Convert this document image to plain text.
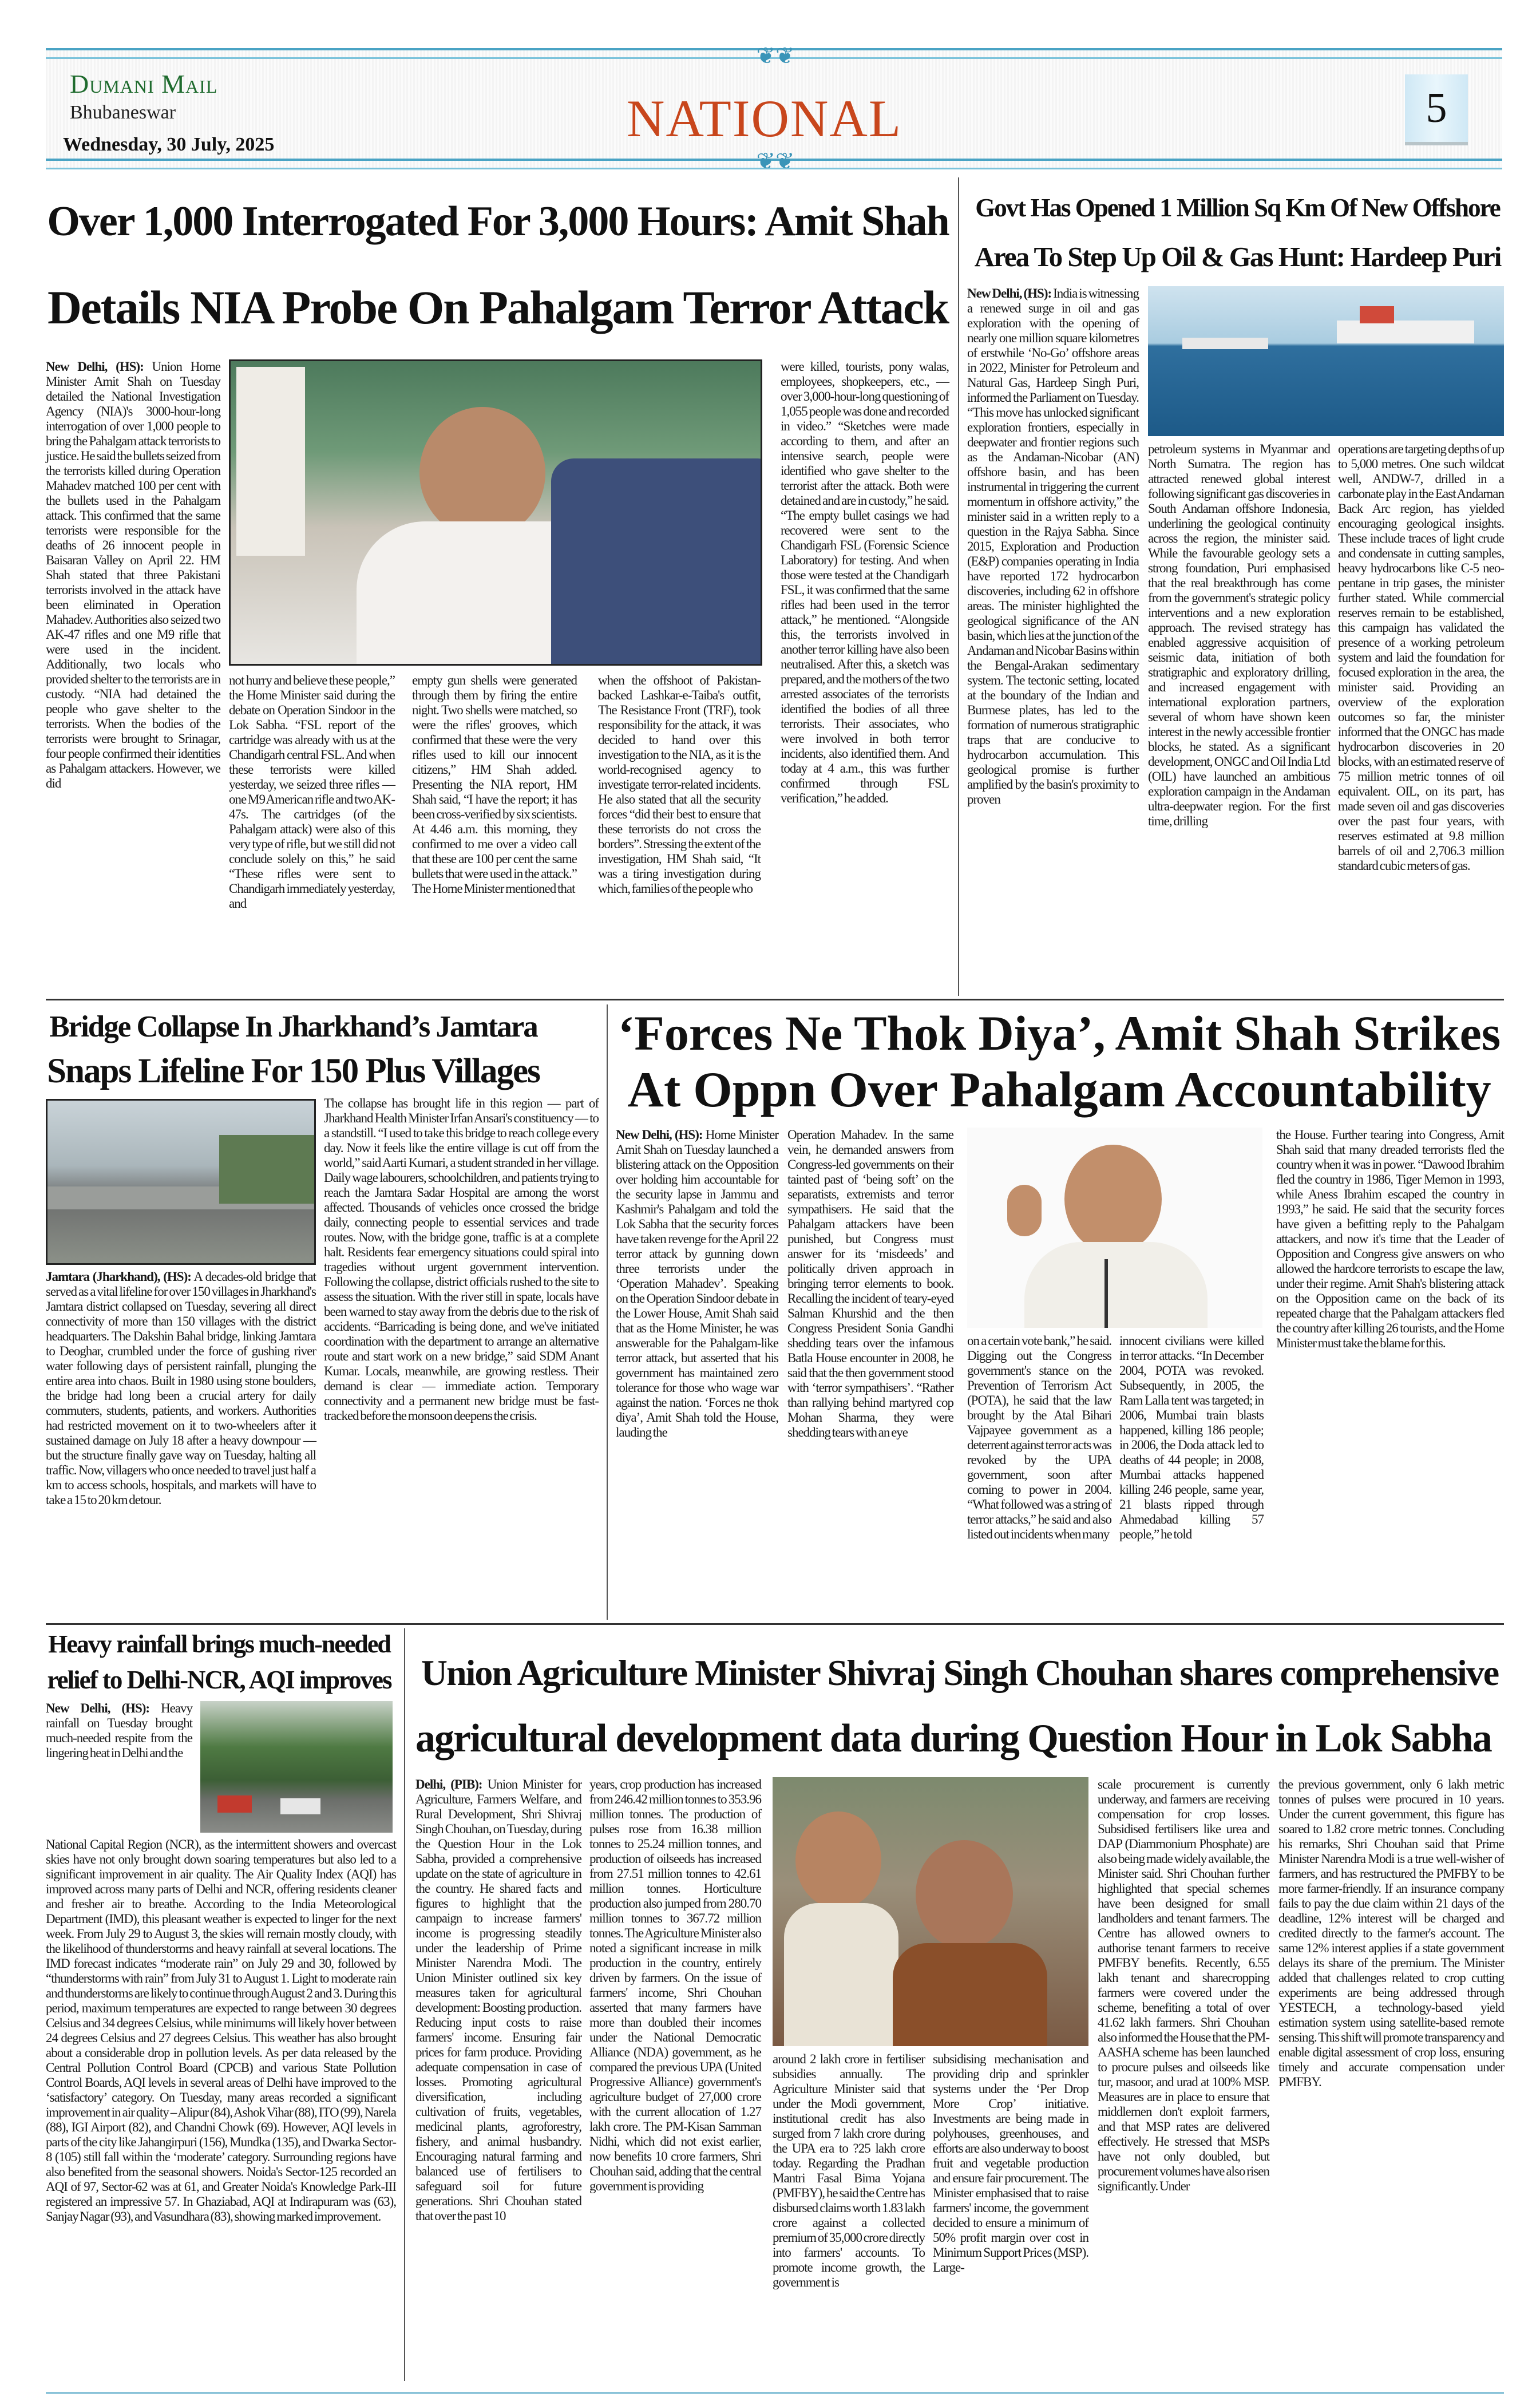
❦❦
Dumani Mail
Bhubaneswar
Wednesday, 30 July, 2025	NATIONAL	5
❦❦
Over 1,000 Interrogated For 3,000 Hours: Amit Shah
Details NIA Probe On Pahalgam Terror Attack
New Delhi, (HS): Union Home Minister Amit Shah on Tuesday detailed the National Investigation Agency (NIA)'s 3000-hour-long interrogation of over 1,000 people to bring the Pahalgam attack terrorists to justice. He said the bullets seized from the terrorists killed during Operation Mahadev matched 100 per cent with the bullets used in the Pahalgam attack. This confirmed that the same terrorists were responsible for the deaths of 26 innocent people in Baisaran Valley on April 22. HM Shah stated that three Pakistani terrorists involved in the attack have been eliminated in Operation Mahadev. Authorities also seized two AK-47 rifles and one M9 rifle that were used in the incident. Additionally, two locals who provided shelter to the terrorists are in custody. “NIA had detained the people who gave shelter to the terrorists. When the bodies of the terrorists were brought to Srinagar, four people confirmed their identities as Pahalgam attackers. However, we did
not hurry and believe these people,” the Home Minister said during the debate on Operation Sindoor in the Lok Sabha. “FSL report of the cartridge was already with us at the Chandigarh central FSL. And when these terrorists were killed yesterday, we seized three rifles — one M9 American rifle and two AK-47s. The cartridges (of the Pahalgam attack) were also of this very type of rifle, but we still did not conclude solely on this,” he said “These rifles were sent to Chandigarh immediately yesterday, and
empty gun shells were generated through them by firing the entire night. Two shells were matched, so were the rifles' grooves, which confirmed that these were the very rifles used to kill our innocent citizens,” HM Shah added. Presenting the NIA report, HM Shah said, “I have the report; it has been cross-verified by six scientists. At 4.46 a.m. this morning, they confirmed to me over a video call that these are 100 per cent the same bullets that were used in the attack.” The Home Minister mentioned that
when the offshoot of Pakistan-backed Lashkar-e-Taiba's outfit, The Resistance Front (TRF), took responsibility for the attack, it was decided to hand over this investigation to the NIA, as it is the world-recognised agency to investigate terror-related incidents. He also stated that all the security forces “did their best to ensure that these terrorists do not cross the borders”. Stressing the extent of the investigation, HM Shah said, “It was a tiring investigation during which, families of the people who
were killed, tourists, pony walas, employees, shopkeepers, etc., — over 3,000-hour-long questioning of 1,055 people was done and recorded in video.” “Sketches were made according to them, and after an intensive search, people were identified who gave shelter to the terrorist after the attack. Both were detained and are in custody,” he said. “The empty bullet casings we had recovered were sent to the Chandigarh FSL (Forensic Science Laboratory) for testing. And when those were tested at the Chandigarh FSL, it was confirmed that the same rifles had been used in the terror attack,” he mentioned. “Alongside this, the terrorists involved in another terror killing have also been neutralised. After this, a sketch was prepared, and the mothers of the two arrested associates of the terrorists identified the bodies of all three terrorists. Their associates, who were involved in both terror incidents, also identified them. And today at 4 a.m., this was further confirmed through FSL verification,” he added.
Govt Has Opened 1 Million Sq Km Of New Offshore
Area To Step Up Oil & Gas Hunt: Hardeep Puri
New Delhi, (HS): India is witnessing a renewed surge in oil and gas exploration with the opening of nearly one million square kilometres of erstwhile ‘No-Go’ offshore areas in 2022, Minister for Petroleum and Natural Gas, Hardeep Singh Puri, informed the Parliament on Tuesday. “This move has unlocked significant exploration frontiers, especially in deepwater and frontier regions such as the Andaman-Nicobar (AN) offshore basin, and has been instrumental in triggering the current momentum in offshore activity,” the minister said in a written reply to a question in the Rajya Sabha. Since 2015, Exploration and Production (E&P) companies operating in India have reported 172 hydrocarbon discoveries, including 62 in offshore areas. The minister highlighted the geological significance of the AN basin, which lies at the junction of the Andaman and Nicobar Basins within the Bengal-Arakan sedimentary system. The tectonic setting, located at the boundary of the Indian and Burmese plates, has led to the formation of numerous stratigraphic traps that are conducive to hydrocarbon accumulation. This geological promise is further amplified by the basin's proximity to proven
petroleum systems in Myanmar and North Sumatra. The region has attracted renewed global interest following significant gas discoveries in South Andaman offshore Indonesia, underlining the geological continuity across the region, the minister said. While the favourable geology sets a strong foundation, Puri emphasised that the real breakthrough has come from the government's strategic policy interventions and a new exploration approach. The revised strategy has enabled aggressive acquisition of seismic data, initiation of both stratigraphic and exploratory drilling, and increased engagement with international exploration partners, several of whom have shown keen interest in the newly accessible frontier blocks, he stated. As a significant development, ONGC and Oil India Ltd (OIL) have launched an ambitious exploration campaign in the Andaman ultra-deepwater region. For the first time, drilling
operations are targeting depths of up to 5,000 metres. One such wildcat well, ANDW-7, drilled in a carbonate play in the East Andaman Back Arc region, has yielded encouraging geological insights. These include traces of light crude and condensate in cutting samples, heavy hydrocarbons like C-5 neo-pentane in trip gases, the minister further stated. While commercial reserves remain to be established, this campaign has validated the presence of a working petroleum system and laid the foundation for focused exploration in the area, the minister said. Providing an overview of the exploration outcomes so far, the minister informed that the ONGC has made hydrocarbon discoveries in 20 blocks, with an estimated reserve of 75 million metric tonnes of oil equivalent. OIL, on its part, has made seven oil and gas discoveries over the past four years, with reserves estimated at 9.8 million barrels of oil and 2,706.3 million standard cubic meters of gas.
Bridge Collapse In Jharkhand’s Jamtara
Snaps Lifeline For 150 Plus Villages
Jamtara (Jharkhand), (HS): A decades-old bridge that served as a vital lifeline for over 150 villages in Jharkhand's Jamtara district collapsed on Tuesday, severing all direct connectivity of more than 150 villages with the district headquarters. The Dakshin Bahal bridge, linking Jamtara to Deoghar, crumbled under the force of gushing river water following days of persistent rainfall, plunging the entire area into chaos. Built in 1980 using stone boulders, the bridge had long been a crucial artery for daily commuters, students, patients, and workers. Authorities had restricted movement on it to two-wheelers after it sustained damage on July 18 after a heavy downpour — but the structure finally gave way on Tuesday, halting all traffic. Now, villagers who once needed to travel just half a km to access schools, hospitals, and markets will have to take a 15 to 20 km detour.
The collapse has brought life in this region — part of Jharkhand Health Minister Irfan Ansari's constituency — to a standstill. “I used to take this bridge to reach college every day. Now it feels like the entire village is cut off from the world,” said Aarti Kumari, a student stranded in her village. Daily wage labourers, schoolchildren, and patients trying to reach the Jamtara Sadar Hospital are among the worst affected. Thousands of vehicles once crossed the bridge daily, connecting people to essential services and trade routes. Now, with the bridge gone, traffic is at a complete halt. Residents fear emergency situations could spiral into tragedies without urgent government intervention. Following the collapse, district officials rushed to the site to assess the situation. With the river still in spate, locals have been warned to stay away from the debris due to the risk of accidents. “Barricading is being done, and we've initiated coordination with the department to arrange an alternative route and start work on a new bridge,” said SDM Anant Kumar. Locals, meanwhile, are growing restless. Their demand is clear — immediate action. Temporary connectivity and a permanent new bridge must be fast-tracked before the monsoon deepens the crisis.
‘Forces Ne Thok Diya’, Amit Shah Strikes
At Oppn Over Pahalgam Accountability
New Delhi, (HS): Home Minister Amit Shah on Tuesday launched a blistering attack on the Opposition over holding him accountable for the security lapse in Jammu and Kashmir's Pahalgam and told the Lok Sabha that the security forces have taken revenge for the April 22 terror attack by gunning down three terrorists under the ‘Operation Mahadev’. Speaking on the Operation Sindoor debate in the Lower House, Amit Shah said that as the Home Minister, he was answerable for the Pahalgam-like terror attack, but asserted that his government has maintained zero tolerance for those who wage war against the nation. ‘Forces ne thok diya’, Amit Shah told the House, lauding the
Operation Mahadev. In the same vein, he demanded answers from Congress-led governments on their tainted past of ‘being soft’ on the separatists, extremists and terror sympathisers. He said that the Pahalgam attackers have been punished, but Congress must answer for its ‘misdeeds’ and politically driven approach in bringing terror elements to book. Recalling the incident of teary-eyed Salman Khurshid and the then Congress President Sonia Gandhi shedding tears over the infamous Batla House encounter in 2008, he said that the then government stood with ‘terror sympathisers’. “Rather than rallying behind martyred cop Mohan Sharma, they were shedding tears with an eye
on a certain vote bank,” he said. Digging out the Congress government's stance on the Prevention of Terrorism Act (POTA), he said that the law brought by the Atal Bihari Vajpayee government as a deterrent against terror acts was revoked by the UPA government, soon after coming to power in 2004. “What followed was a string of terror attacks,” he said and also listed out incidents when many
innocent civilians were killed in terror attacks. “In December 2004, POTA was revoked. Subsequently, in 2005, the Ram Lalla tent was targeted; in 2006, Mumbai train blasts happened, killing 186 people; in 2006, the Doda attack led to deaths of 44 people; in 2008, Mumbai attacks happened killing 246 people, same year, 21 blasts ripped through Ahmedabad killing 57 people,” he told
the House. Further tearing into Congress, Amit Shah said that many dreaded terrorists fled the country when it was in power. “Dawood Ibrahim fled the country in 1986, Tiger Memon in 1993, while Aness Ibrahim escaped the country in 1993,” he said. He said that the security forces have given a befitting reply to the Pahalgam attackers, and now it's time that the Leader of Opposition and Congress give answers on who allowed the hardcore terrorists to escape the law, under their regime. Amit Shah's blistering attack on the Opposition came on the back of its repeated charge that the Pahalgam attackers fled the country after killing 26 tourists, and the Home Minister must take the blame for this.
Heavy rainfall brings much-needed
relief to Delhi-NCR, AQI improves
New Delhi, (HS): Heavy rainfall on Tuesday brought much-needed respite from the lingering heat in Delhi and the
National Capital Region (NCR), as the intermittent showers and overcast skies have not only brought down soaring temperatures but also led to a significant improvement in air quality. The Air Quality Index (AQI) has improved across many parts of Delhi and NCR, offering residents cleaner and fresher air to breathe. According to the India Meteorological Department (IMD), this pleasant weather is expected to linger for the next week. From July 29 to August 3, the skies will remain mostly cloudy, with the likelihood of thunderstorms and heavy rainfall at several locations. The IMD forecast indicates “moderate rain” on July 29 and 30, followed by “thunderstorms with rain” from July 31 to August 1. Light to moderate rain and thunderstorms are likely to continue through August 2 and 3. During this period, maximum temperatures are expected to range between 30 degrees Celsius and 34 degrees Celsius, while minimums will likely hover between 24 degrees Celsius and 27 degrees Celsius. This weather has also brought about a considerable drop in pollution levels. As per data released by the Central Pollution Control Board (CPCB) and various State Pollution Control Boards, AQI levels in several areas of Delhi have improved to the ‘satisfactory’ category. On Tuesday, many areas recorded a significant improvement in air quality – Alipur (84), Ashok Vihar (88), ITO (99), Narela (88), IGI Airport (82), and Chandni Chowk (69). However, AQI levels in parts of the city like Jahangirpuri (156), Mundka (135), and Dwarka Sector-8 (105) still fall within the ‘moderate’ category. Surrounding regions have also benefited from the seasonal showers. Noida's Sector-125 recorded an AQI of 97, Sector-62 was at 61, and Greater Noida's Knowledge Park-III registered an impressive 57. In Ghaziabad, AQI at Indirapuram was (63), Sanjay Nagar (93), and Vasundhara (83), showing marked improvement.
Union Agriculture Minister Shivraj Singh Chouhan shares comprehensive
agricultural development data during Question Hour in Lok Sabha
Delhi, (PIB): Union Minister for Agriculture, Farmers Welfare, and Rural Development, Shri Shivraj Singh Chouhan, on Tuesday, during the Question Hour in the Lok Sabha, provided a comprehensive update on the state of agriculture in the country. He shared facts and figures to highlight that the campaign to increase farmers' income is progressing steadily under the leadership of Prime Minister Narendra Modi. The Union Minister outlined six key measures taken for agricultural development: Boosting production. Reducing input costs to raise farmers' income. Ensuring fair prices for farm produce. Providing adequate compensation in case of losses. Promoting agricultural diversification, including cultivation of fruits, vegetables, medicinal plants, agroforestry, fishery, and animal husbandry. Encouraging natural farming and balanced use of fertilisers to safeguard soil for future generations. Shri Chouhan stated that over the past 10
years, crop production has increased from 246.42 million tonnes to 353.96 million tonnes. The production of pulses rose from 16.38 million tonnes to 25.24 million tonnes, and production of oilseeds has increased from 27.51 million tonnes to 42.61 million tonnes. Horticulture production also jumped from 280.70 million tonnes to 367.72 million tonnes. The Agriculture Minister also noted a significant increase in milk production in the country, entirely driven by farmers. On the issue of farmers' income, Shri Chouhan asserted that many farmers have more than doubled their incomes under the National Democratic Alliance (NDA) government, as he compared the previous UPA (United Progressive Alliance) government's agriculture budget of 27,000 crore with the current allocation of 1.27 lakh crore. The PM-Kisan Samman Nidhi, which did not exist earlier, now benefits 10 crore farmers, Shri Chouhan said, adding that the central government is providing
around 2 lakh crore in fertiliser subsidies annually. The Agriculture Minister said that under the Modi government, institutional credit has also surged from 7 lakh crore during the UPA era to ?25 lakh crore today. Regarding the Pradhan Mantri Fasal Bima Yojana (PMFBY), he said the Centre has disbursed claims worth 1.83 lakh crore against a collected premium of 35,000 crore directly into farmers' accounts. To promote income growth, the government is
subsidising mechanisation and providing drip and sprinkler systems under the ‘Per Drop More Crop’ initiative. Investments are being made in polyhouses, greenhouses, and efforts are also underway to boost fruit and vegetable production and ensure fair procurement. The Minister emphasised that to raise farmers' income, the government decided to ensure a minimum of 50% profit margin over cost in Minimum Support Prices (MSP). Large-
scale procurement is currently underway, and farmers are receiving compensation for crop losses. Subsidised fertilisers like urea and DAP (Diammonium Phosphate) are also being made widely available, the Minister said. Shri Chouhan further highlighted that special schemes have been designed for small landholders and tenant farmers. The Centre has allowed owners to authorise tenant farmers to receive PMFBY benefits. Recently, 6.55 lakh tenant and sharecropping farmers were covered under the scheme, benefiting a total of over 41.62 lakh farmers. Shri Chouhan also informed the House that the PM-AASHA scheme has been launched to procure pulses and oilseeds like tur, masoor, and urad at 100% MSP. Measures are in place to ensure that middlemen don't exploit farmers, and that MSP rates are delivered effectively. He stressed that MSPs have not only doubled, but procurement volumes have also risen significantly. Under
the previous government, only 6 lakh metric tonnes of pulses were procured in 10 years. Under the current government, this figure has soared to 1.82 crore metric tonnes. Concluding his remarks, Shri Chouhan said that Prime Minister Narendra Modi is a true well-wisher of farmers, and has restructured the PMFBY to be more farmer-friendly. If an insurance company fails to pay the due claim within 21 days of the deadline, 12% interest will be charged and credited directly to the farmer's account. The same 12% interest applies if a state government delays its share of the premium. The Minister added that challenges related to crop cutting experiments are being addressed through YESTECH, a technology-based yield estimation system using satellite-based remote sensing. This shift will promote transparency and enable digital assessment of crop loss, ensuring timely and accurate compensation under PMFBY.
